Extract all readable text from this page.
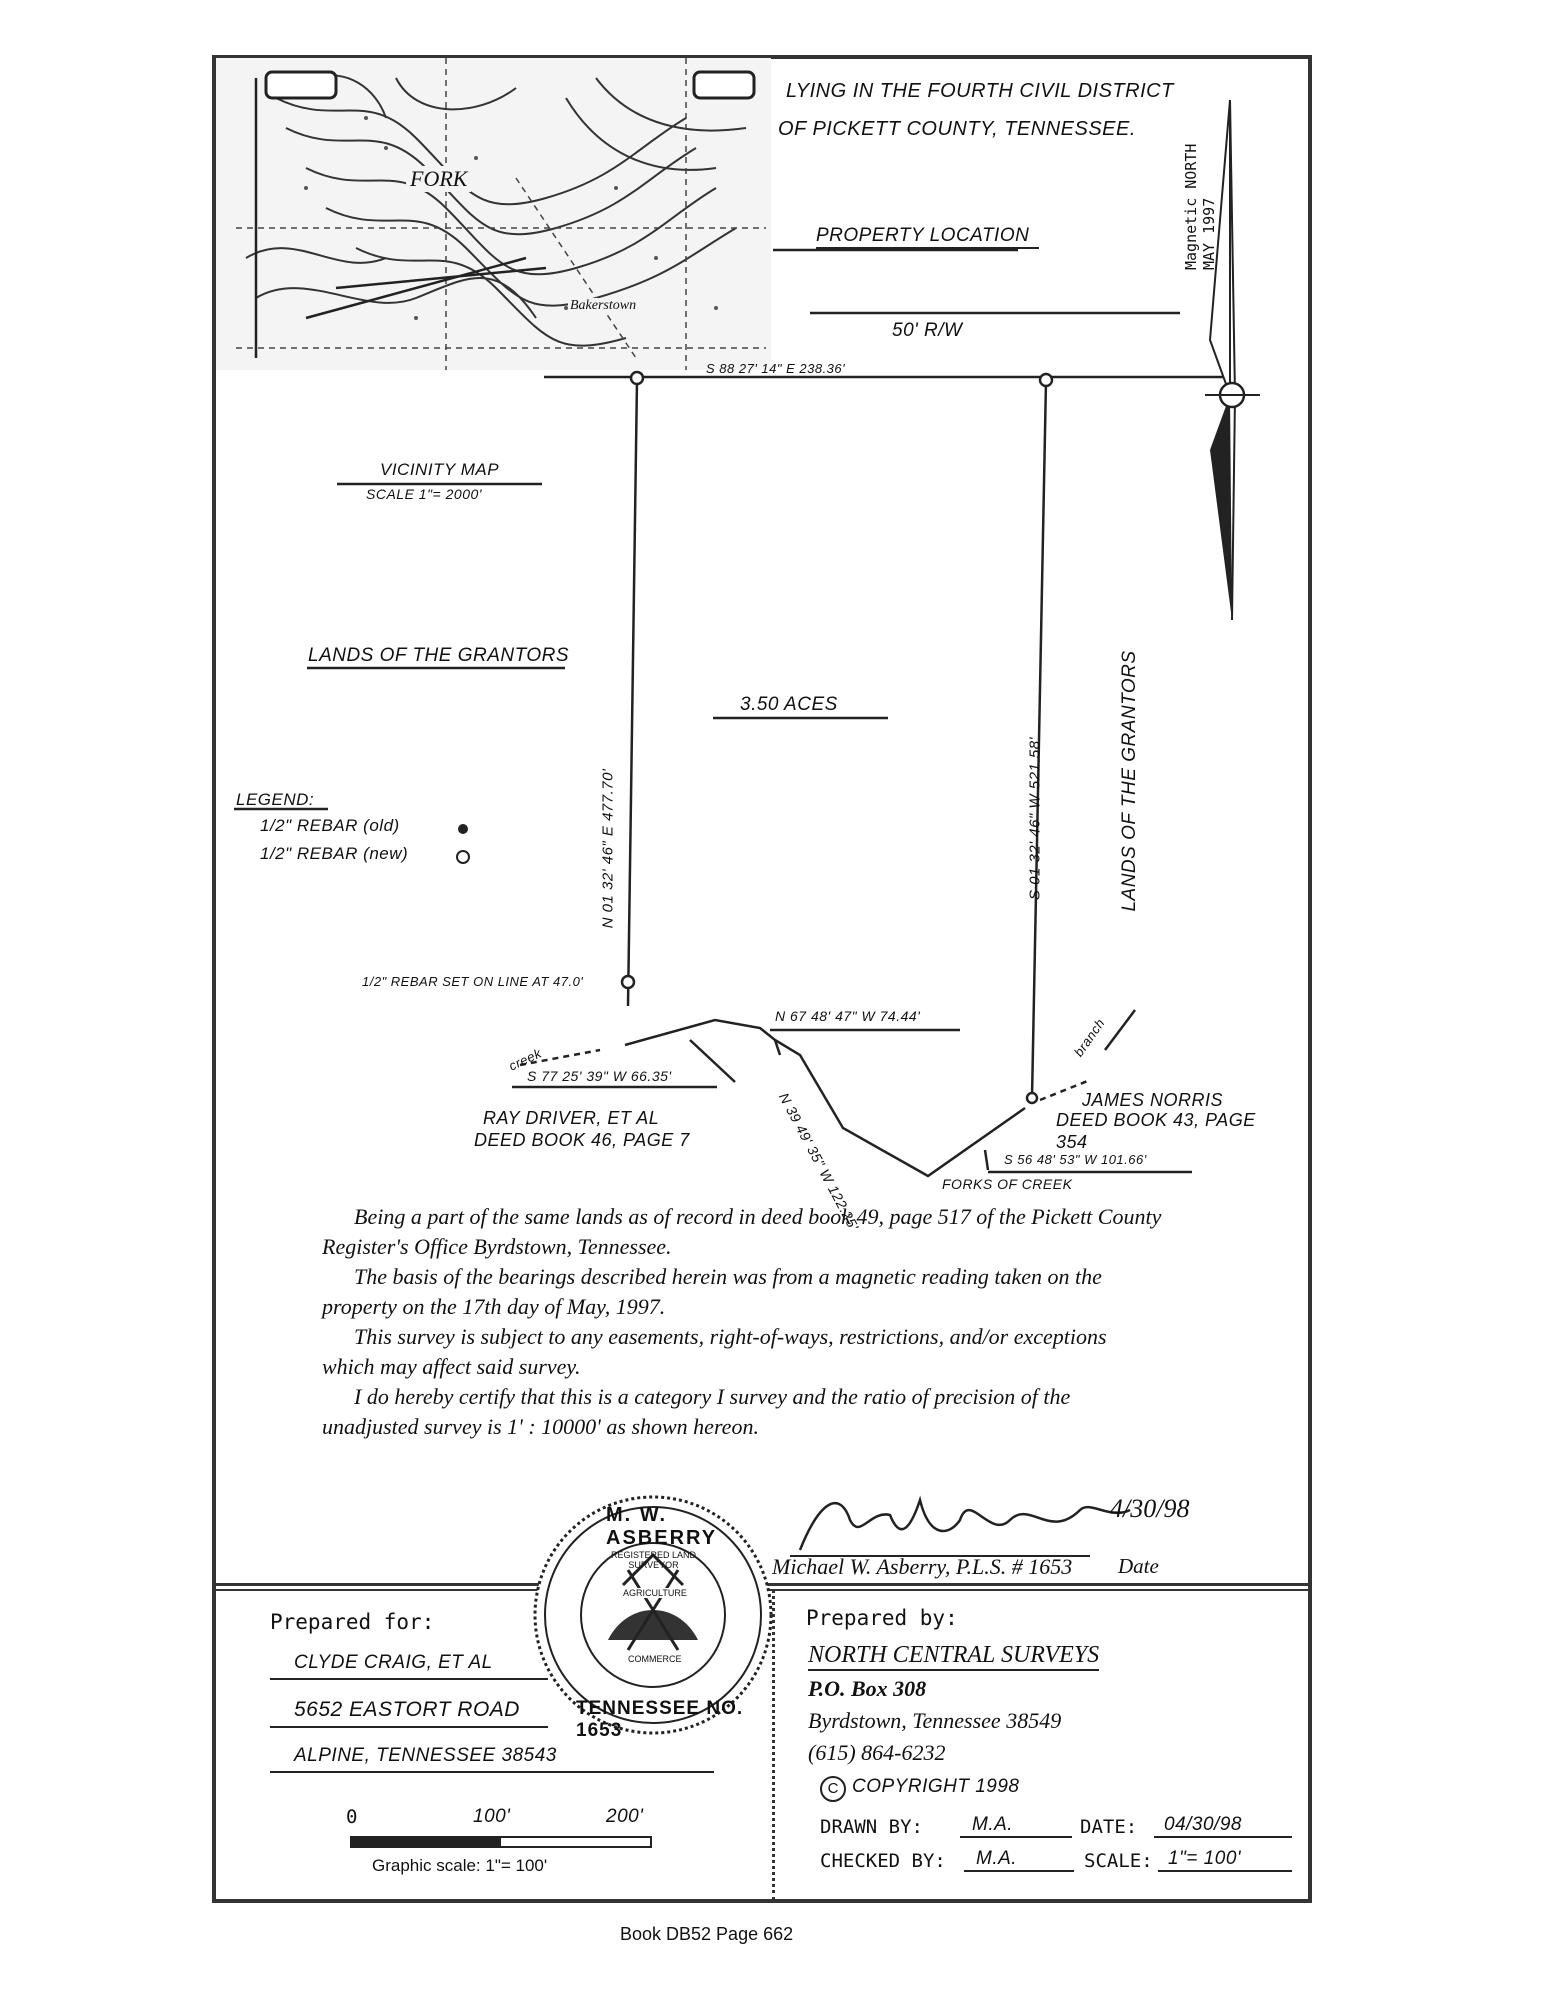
FORK
Bakerstown
LYING IN THE FOURTH CIVIL DISTRICT
OF PICKETT COUNTY, TENNESSEE.
PROPERTY LOCATION
50' R/W
Magnetic NORTH MAY 1997
S 88 27' 14" E 238.36'
VICINITY MAP
SCALE 1"= 2000'
LANDS OF THE GRANTORS
3.50 ACES
N 01 32' 46" E 477.70'	S 01 32' 46" W 521.58'	LANDS OF THE GRANTORS
LEGEND:
1/2" REBAR (old)
1/2" REBAR (new)
1/2" REBAR SET ON LINE AT 47.0'
N 67 48' 47" W 74.44'
creek
S 77 25' 39" W 66.35'
N 39 49' 35" W 122.25'
branch
RAY DRIVER, ET AL
DEED BOOK 46, PAGE 7
JAMES NORRIS
DEED BOOK 43, PAGE
354
S 56 48' 53" W 101.66'
FORKS OF CREEK

Being a part of the same lands as of record in deed book 49, page 517 of the Pickett County

Register's Office Byrdstown, Tennessee.

The basis of the bearings described herein was from a magnetic reading taken on the

property on the 17th day of May, 1997.

This survey is subject to any easements, right-of-ways, restrictions, and/or exceptions

which may affect said survey.

I do hereby certify that this is a category I survey and the ratio of precision of the

unadjusted survey is 1' : 10000' as shown hereon.

4/30/98
Michael W. Asberry, P.L.S. # 1653 Date
Prepared for:
CLYDE CRAIG, ET AL
5652 EASTORT ROAD
ALPINE, TENNESSEE 38543
0	100'	200'
Graphic scale: 1"= 100'
M. W. ASBERRY
REGISTERED LAND SURVEYOR
AGRICULTURE
COMMERCE
TENNESSEE NO. 1653
Prepared by:
NORTH CENTRAL SURVEYS
P.O. Box 308
Byrdstown, Tennessee 38549
(615) 864-6232
C COPYRIGHT 1998
DRAWN BY:	M.A.	DATE:	04/30/98
CHECKED BY:	M.A.	SCALE: 1"= 100'
Book DB52 Page 662
